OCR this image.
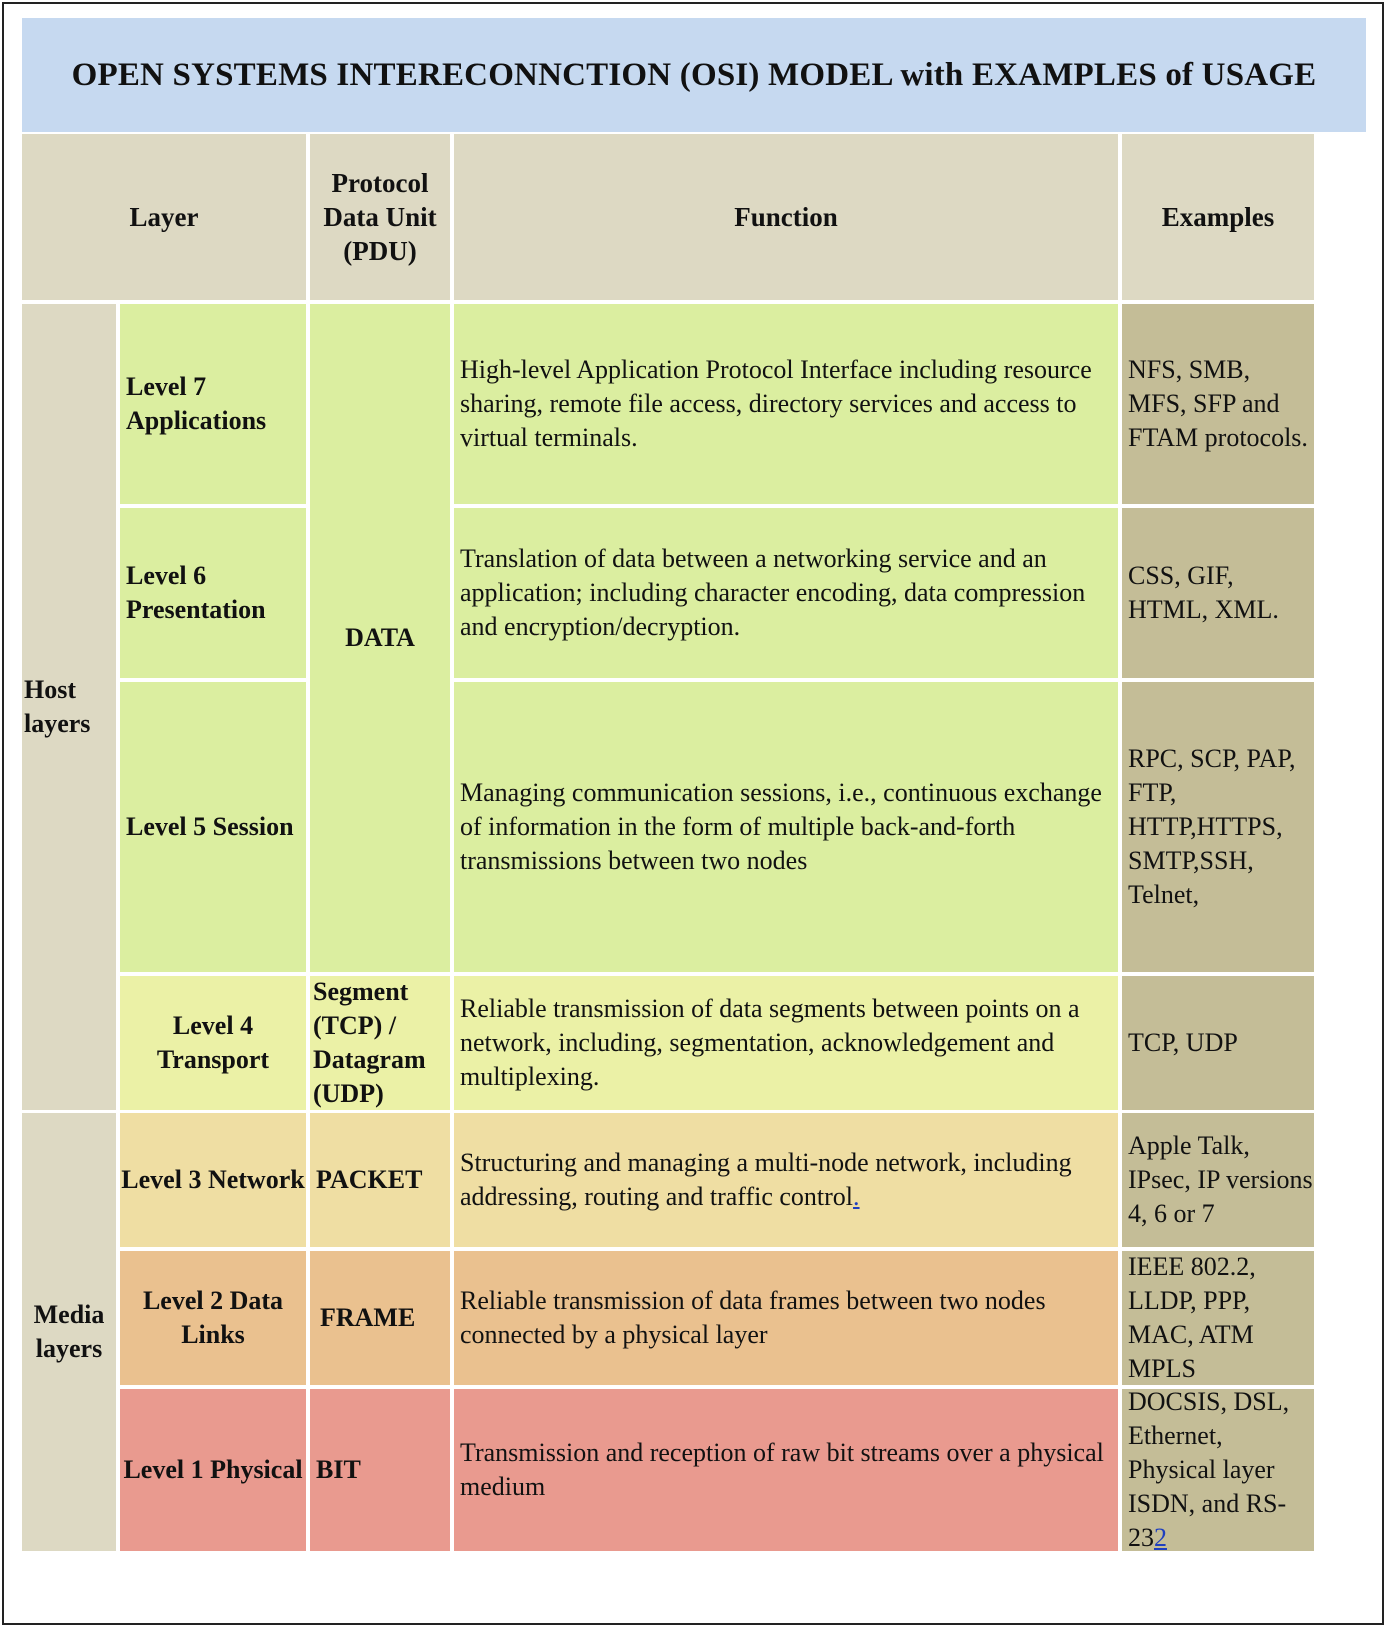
OPEN SYSTEMS INTERECONNCTION (OSI) MODEL with EXAMPLES of USAGE
Layer
Protocol Data Unit (PDU)
Function	Examples
Host layers
Media layers
DATA
Level 7 Applications
High-level Application Protocol Interface including resource sharing, remote file access, directory services and access to virtual terminals.
NFS, SMB, MFS, SFP and FTAM protocols.
Level 6 Presentation
Translation of data between a networking service and an application; including character encoding, data compression and encryption/decryption.
CSS, GIF, HTML, XML.
Level 5 Session
Managing communication sessions, i.e., continuous exchange of information in the form of multiple back-and-forth transmissions between two nodes
RPC, SCP, PAP, FTP, HTTP,HTTPS, SMTP,SSH, Telnet,
Level 4 Transport
Segment (TCP) / Datagram (UDP)
Reliable transmission of data segments between points on a network, including, segmentation, acknowledgement and multiplexing.
TCP, UDP
Level 3 Network PACKET
Structuring and managing a multi-node network, including addressing, routing and traffic control.
Apple Talk, IPsec, IP versions 4, 6 or 7
Level 2 Data Links
FRAME
Reliable transmission of data frames between two nodes connected by a physical layer
IEEE 802.2, LLDP, PPP, MAC, ATM MPLS
Level 1 Physical BIT
Transmission and reception of raw bit streams over a physical medium
DOCSIS, DSL, Ethernet, Physical layer ISDN, and RS-232
